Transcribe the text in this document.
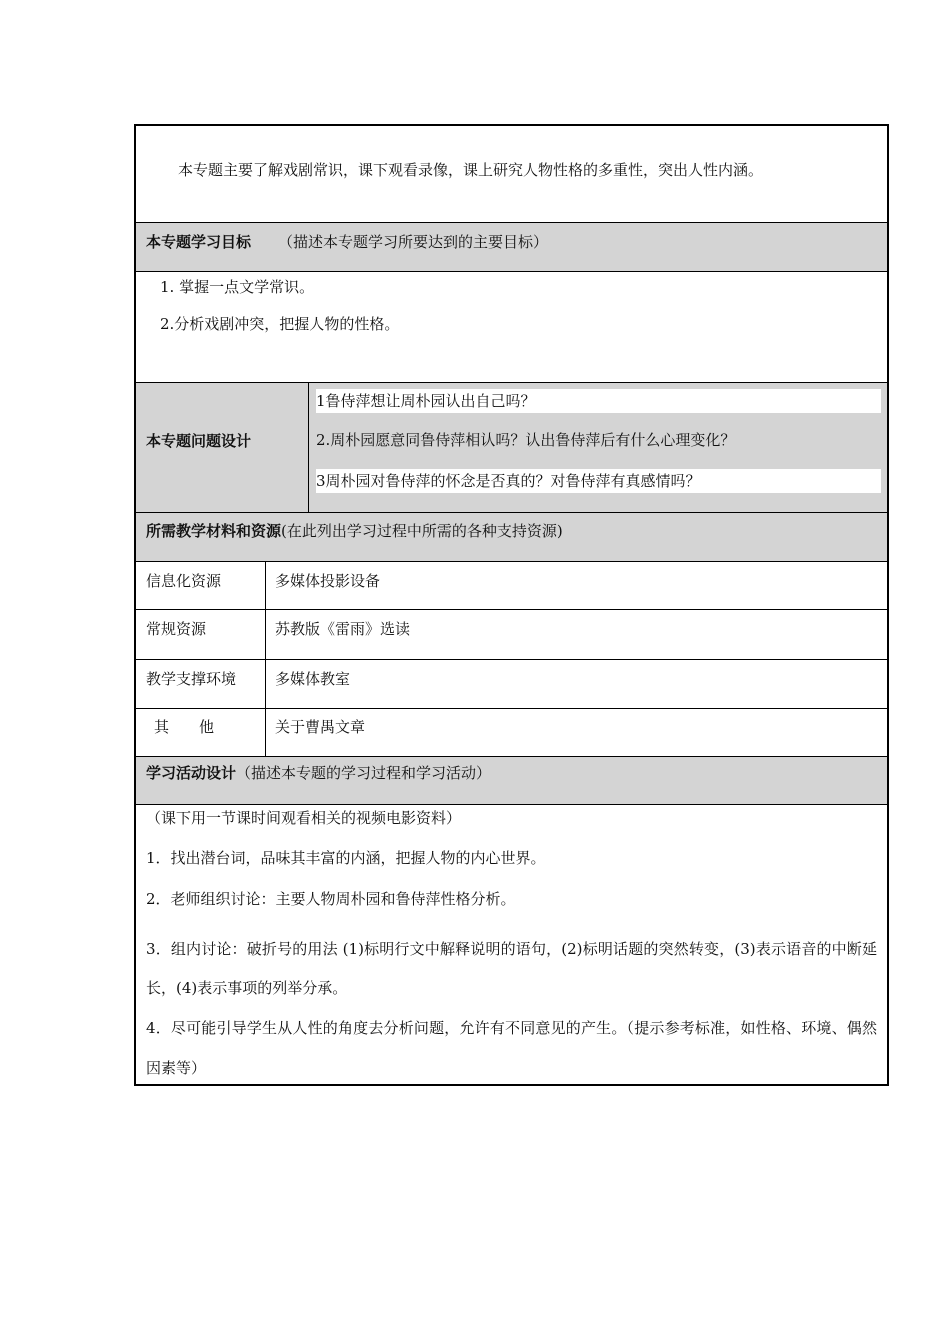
本专题主要了解戏剧常识，课下观看录像，课上研究人物性格的多重性，突出人性内涵。
本专题学习目标 （描述本专题学习所要达到的主要目标）
1. 掌握一点文学常识。
2.分析戏剧冲突，把握人物的性格。
本专题问题设计
1鲁侍萍想让周朴园认出自己吗？
2.周朴园愿意同鲁侍萍相认吗？认出鲁侍萍后有什么心理变化？
3周朴园对鲁侍萍的怀念是否真的？对鲁侍萍有真感情吗？
所需教学材料和资源(在此列出学习过程中所需的各种支持资源)
信息化资源	多媒体投影设备
常规资源	苏教版《雷雨》选读
教学支撑环境	多媒体教室
其　　他	关于曹禺文章
学习活动设计（描述本专题的学习过程和学习活动）
（课下用一节课时间观看相关的视频电影资料）
1．找出潜台词，品味其丰富的内涵，把握人物的内心世界。
2．老师组织讨论：主要人物周朴园和鲁侍萍性格分析。
3．组内讨论：破折号的用法 (1)标明行文中解释说明的语句，(2)标明话题的突然转变，(3)表示语音的中断延长，(4)表示事项的列举分承。
4．尽可能引导学生从人性的角度去分析问题，允许有不同意见的产生。（提示参考标准，如性格、环境、偶然因素等）
